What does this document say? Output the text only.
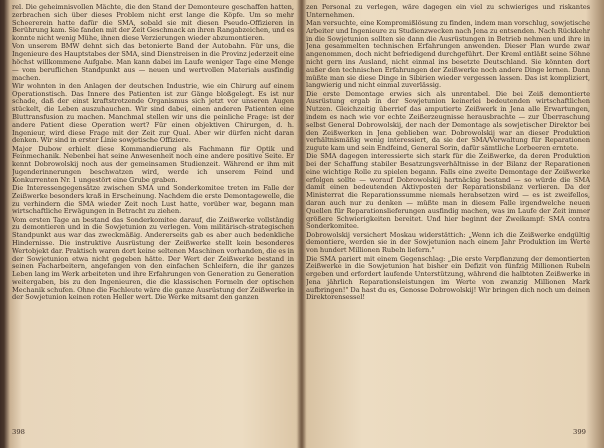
rel. Die geheimnisvollen Mächte, die den Stand der Demonteure geschaffen hatten, zerbrachen sich über dieses Problem nicht erst lange die Köpfe. Um so mehr Scheererein hatte dafür die SMA, sobald sie mit diesen Pseudo-Offizieren in Berührung kam. Sie fanden mit der Zeit Geschmack an ihren Rangabzeichen, und es konnte nicht wenig Mühe, ihnen diese Verzierungen wieder abzumontieren.

Von unserem BMW dehnt sich das betonierte Band der Autobahn. Für uns, die Ingenieure des Hauptstabes der SMA, sind Dienstreisen in die Provinz jederzeit eine höchst willkommene Aufgabe. Man kann dabei im Laufe weniger Tage eine Menge — vom beruflichen Standpunkt aus — neuen und wertvollen Materials ausfindig machen.

Wir wohnten in den Anlagen der deutschen Industrie, wie ein Chirurg auf einem Operationstisch. Das Innere des Patienten ist zur Gänge bloßgelegt. Es ist nur schade, daß der einst kraftstrotzende Organismus sich jetzt vor unseren Augen stückelt, die Leben auszuhauchen. Wir sind dabei, einen anderen Patienten eine Bluttransfusion zu machen. Manchmal stellen wir uns die peinliche Frage: ist der andere Patient diese Operation wert? Für einen objektiven Chirurgen, d. h. Ingenieur, wird diese Frage mit der Zeit zur Qual. Aber wir dürfen nicht daran denken. Wir sind in erster Linie sowjetische Offiziere.

Major Dubow erhielt diese Kommandierung als Fachmann für Optik und Feinmechanik. Nebenbei hat seine Anwesenheit noch eine andere positive Seite. Er kennt Dobrowolskij noch aus der gemeinsamen Studienzeit. Während er ihm mit Jugenderinnerungen beschwatzen wird, werde ich unserem Feind und Konkurrenten Nr. 1 ungestört eine Grube graben.

Die Interessengegensätze zwischen SMA und Sonderkomitee treten im Falle der Zeißwerke besonders kraß in Erscheinung. Nachdem die erste Demontagewelle, die zu verhindern die SMA wieder Zeit noch Lust hatte, vorüber war, begann man wirtschaftliche Erwägungen in Betracht zu ziehen.

Vom ersten Tage an bestand das Sonderkomitee darauf, die Zeißwerke vollständig zu demontieren und in die Sowjetunion zu verlegen. Vom militärisch-strategischen Standpunkt aus war das zweckmäßig. Andererseits gab es aber auch bedenkliche Hindernisse. Die instruktive Ausrüstung der Zeißwerke stellt kein besonderes Wertobjekt dar. Praktisch waren dort keine seltenen Maschinen vorhanden, die es in der Sowjetunion etwa nicht gegeben hätte. Der Wert der Zeißwerke bestand in seinen Facharbeitern, angefangen von den einfachen Schleifern, die ihr ganzes Leben lang im Werk arbeiteten und ihre Erfahrungen von Generation zu Generation weitergaben, bis zu den Ingenieuren, die die klassischen Formeln der optischen Mechanik schufen. Ohne die Fachleute wäre die ganze Ausrüstung der Zeißwerke in der Sowjetunion keinen roten Heller wert. Die Werke mitsamt den ganzen

398

zen Personal zu verlegen, wäre dagegen ein viel zu schwieriges und riskantes Unternehmen.

Man versuchte, eine Kompromißlösung zu finden, indem man vorschlug, sowjetische Arbeiter und Ingenieure zu Studienzwecken nach Jena zu entsenden. Nach Rückkehr in die Sowjetunion sollten sie dann die Ausrüstungen in Betrieb nehmen und ihre in Jena gesammelten technischen Erfahrungen anwenden. Dieser Plan wurde zwar angenommen, doch nicht befriedigend durchgeführt. Der Kreml entläßt seine Söhne nicht gern ins Ausland, nicht einmal ins besetzte Deutschland. Sie könnten dort außer den technischen Erfahrungen der Zeißwerke noch andere Dinge lernen. Dann müßte man sie diese Dinge in Sibirien wieder vergessen lassen. Das ist kompliziert, langwierig und nicht einmal zuverlässig.

Die erste Demontage erwies sich als unrentabel. Die bei Zeiß demontierte Ausrüstung ergab in der Sowjetunion keinerlei bedeutenden wirtschaftlichen Nutzen. Gleichzeitig überrief das amputierte Zeißwerk in Jena alle Erwartungen, indem es nach wie vor echte Zeißerzeugnisse herausbrachte — zur Überraschung selbst General Dobrowolskij, der nach der Demontage als sowjetischer Direktor bei den Zeißwerken in Jena geblieben war. Dobrowolskij war an dieser Produktion verhältnismäßig wenig interessiert, da sie der SMA/Verwaltung für Reparationen zugute kam und sein Endfeind, General Sorin, dafür sämtliche Lorbeeren erntete.

Die SMA dagegen interessierte sich stark für die Zeißwerke, da deren Produktion bei der Schaffung stabiler Besatzungsverhältnisse in der Bilanz der Reparationen eine wichtige Rolle zu spielen begann. Falls eine zweite Demontage der Zeißwerke erfolgen sollte — worauf Dobrowolskij hartnäckig bestand — so würde die SMA damit einen bedeutenden Aktivposten der Reparationsbilanz verlieren. Da der Ministerrat die Reparationssumme niemals herabsetzen wird — es ist zweifellos, daran auch nur zu denken — müßte man in diesem Falle irgendwelche neuen Quellen für Reparationslieferungen ausfindig machen, was im Laufe der Zeit immer größere Schwierigkeiten bereitet. Und hier beginnt der Zweikampf: SMA contra Sonderkomitee.

Dobrowolskij versichert Moskau widerstättich: „Wenn ich die Zeißwerke endgültig demontiere, werden sie in der Sowjetunion nach einem Jahr Produktion im Werte von hundert Millionen Rubeln liefern."

Die SMA pariert mit einem Gegenschlag: „Die erste Verpflanzung der demontierten Zeißwerke in die Sowjetunion hat bisher ein Defizit von fünfzig Millionen Rubeln ergeben und erfordert laufende Unterstützung, während die halbtoten Zeißwerke in Jena jährlich Reparationsleistungen im Werte von zwanzig Millionen Mark aufbringen!" Da hast du es, Genosse Dobrowolskij! Wir bringen dich noch um deinen Direktorensessel!

399
